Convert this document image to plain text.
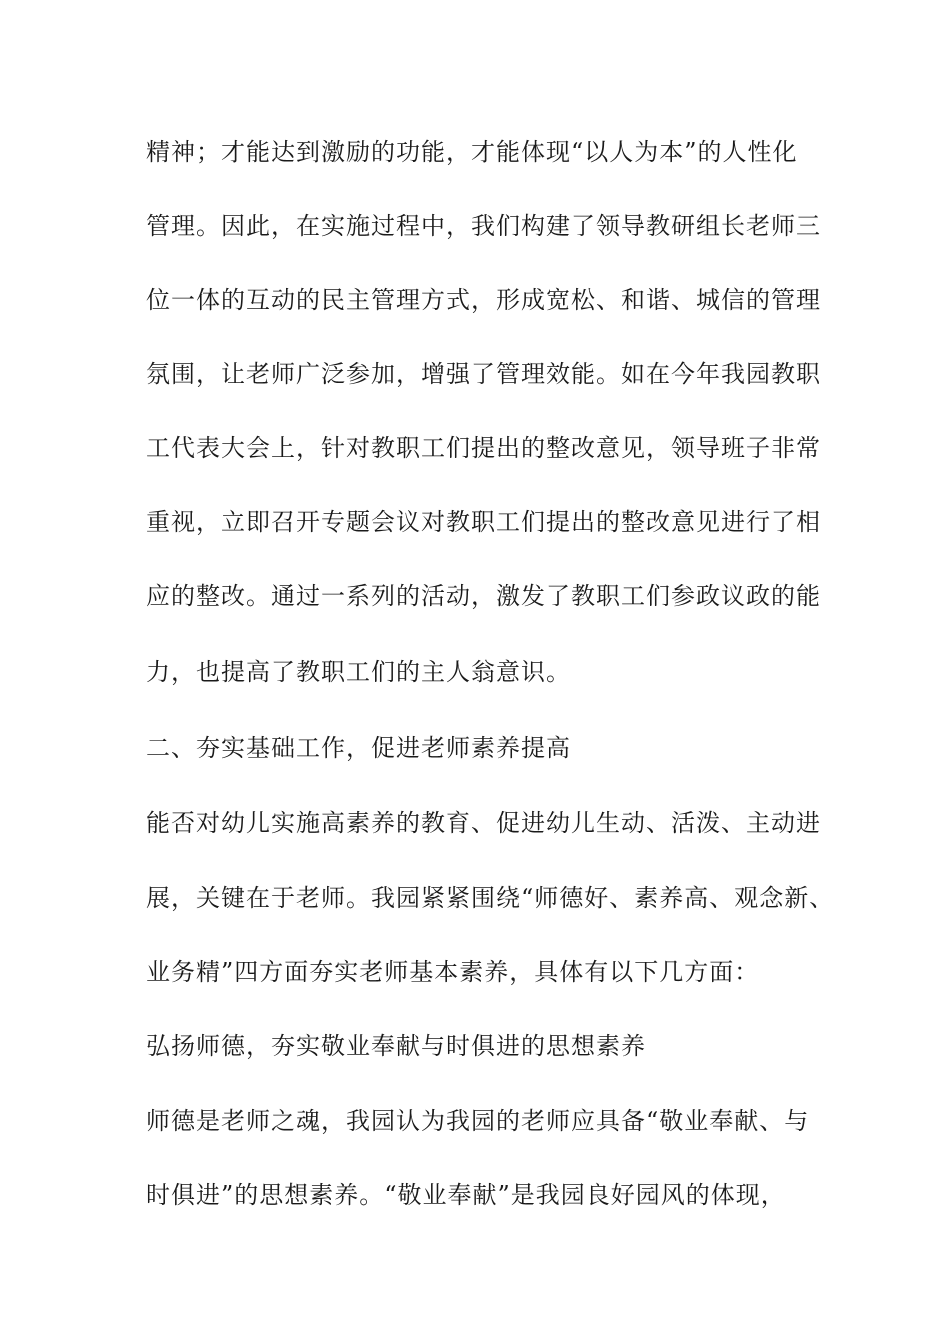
精神；才能达到激励的功能，才能体现“以人为本”的人性化
管理。因此，在实施过程中，我们构建了领导教研组长老师三
位一体的互动的民主管理方式，形成宽松、和谐、城信的管理
氛围，让老师广泛参加，增强了管理效能。如在今年我园教职
工代表大会上，针对教职工们提出的整改意见，领导班子非常
重视，立即召开专题会议对教职工们提出的整改意见进行了相
应的整改。通过一系列的活动，激发了教职工们参政议政的能
力，也提高了教职工们的主人翁意识。
二、夯实基础工作，促进老师素养提高
能否对幼儿实施高素养的教育、促进幼儿生动、活泼、主动进
展，关键在于老师。我园紧紧围绕“师德好、素养高、观念新、
业务精”四方面夯实老师基本素养，具体有以下几方面：
弘扬师德，夯实敬业奉献与时俱进的思想素养
师德是老师之魂，我园认为我园的老师应具备“敬业奉献、与
时俱进”的思想素养。“敬业奉献”是我园良好园风的体现，
